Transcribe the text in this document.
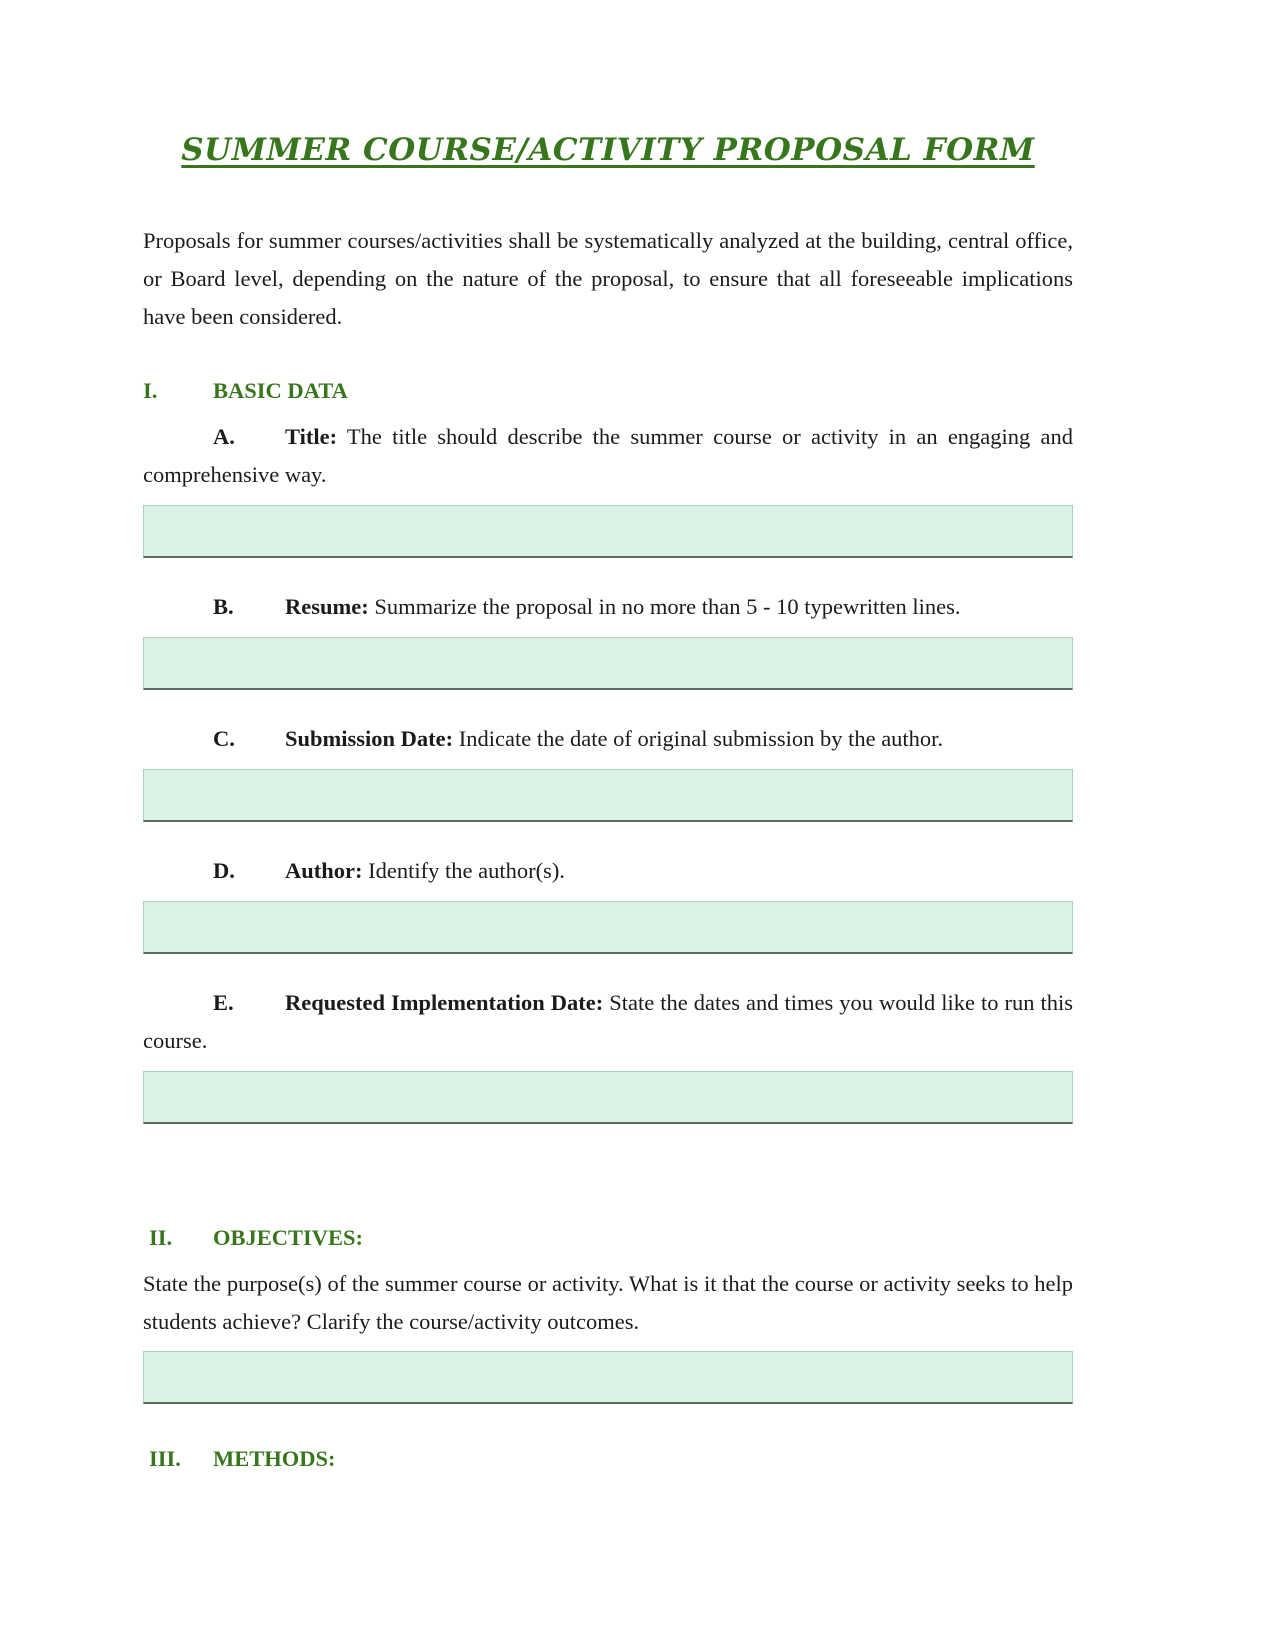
SUMMER COURSE/ACTIVITY PROPOSAL FORM

Proposals for summer courses/activities shall be systematically analyzed at the building, central office, or Board level, depending on the nature of the proposal, to ensure that all foreseeable implications have been considered.

I. BASIC DATA

A. Title: The title should describe the summer course or activity in an engaging and comprehensive way.

B. Resume: Summarize the proposal in no more than 5 - 10 typewritten lines.

C. Submission Date: Indicate the date of original submission by the author.

D. Author: Identify the author(s).

E. Requested Implementation Date: State the dates and times you would like to run this course.

II. OBJECTIVES:

State the purpose(s) of the summer course or activity. What is it that the course or activity seeks to help students achieve? Clarify the course/activity outcomes.

III. METHODS:
